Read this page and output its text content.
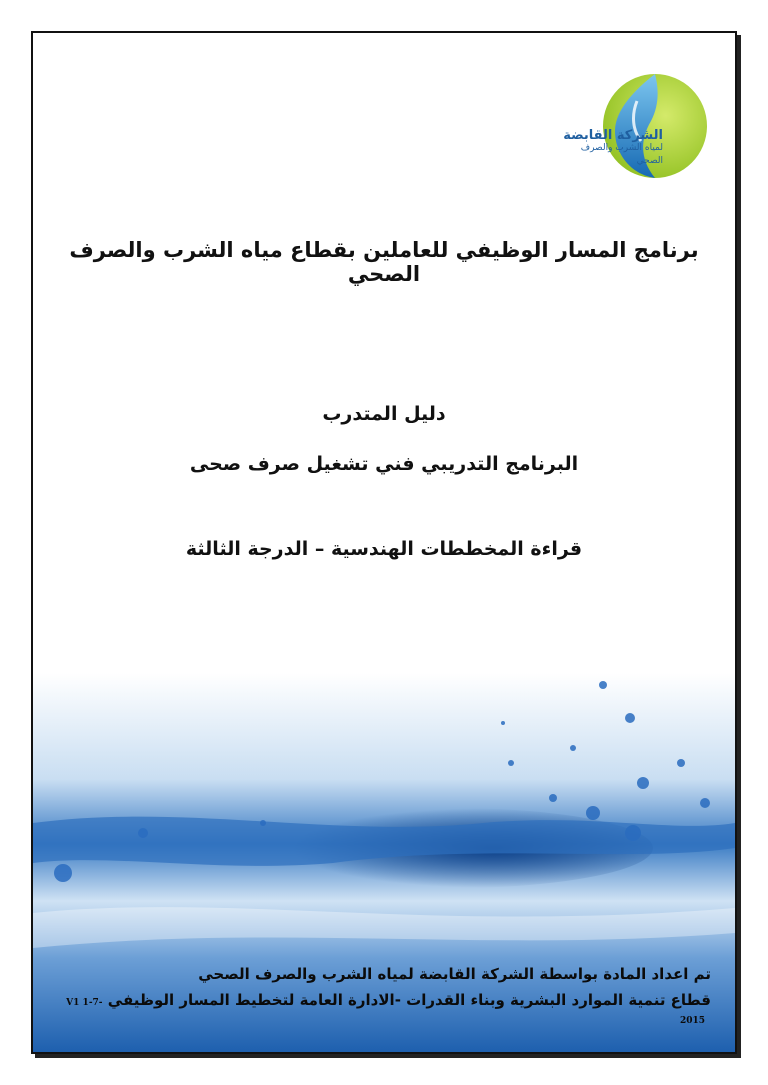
الشركة القابضة
لمياه الشرب والصرف الصحي
برنامج المسار الوظيفي للعاملين بقطاع مياه الشرب والصرف الصحي
دليل المتدرب
البرنامج التدريبي فني تشغيل صرف صحى
قراءة المخططات الهندسية – الدرجة الثالثة
تم اعداد المادة بواسطة الشركة القابضة لمياه الشرب والصرف الصحي
قطاع تنمية الموارد البشرية وبناء القدرات -الادارة العامة لتخطيط المسار الوظيفي V1 1-7-2015
